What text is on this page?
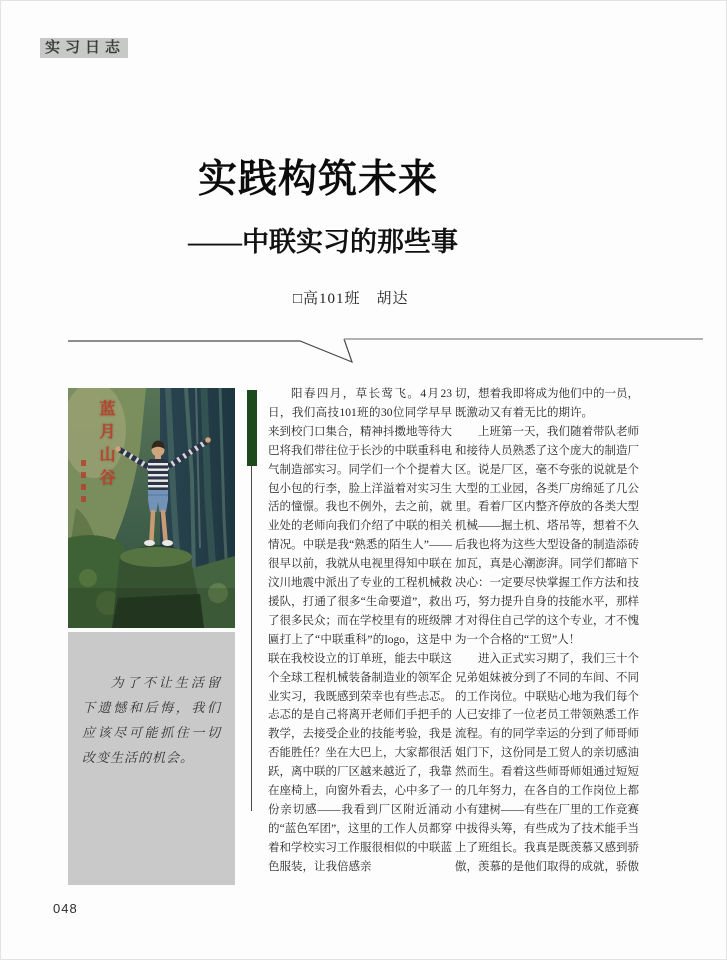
实习日志
实践构筑未来
——中联实习的那些事
□高101班　胡达
蓝月山谷

为了不让生活留下遗憾和后悔，我们应该尽可能抓住一切改变生活的机会。

阳春四月，草长莺飞。4月23日，我们高技101班的30位同学早早来到校门口集合，精神抖擞地等待大巴将我们带往位于长沙的中联重科电气制造部实习。同学们一个个提着大包小包的行李，脸上洋溢着对实习生活的憧憬。我也不例外，去之前，就业处的老师向我们介绍了中联的相关情况。中联是我“熟悉的陌生人”——很早以前，我就从电视里得知中联在汶川地震中派出了专业的工程机械救援队，打通了很多“生命要道”，救出了很多民众；而在学校里有的班级牌匾打上了“中联重科”的logo，这是中联在我校设立的订单班，能去中联这个全球工程机械装备制造业的领军企业实习，我既感到荣幸也有些忐忑。忐忑的是自己将离开老师们手把手的教学，去接受企业的技能考验，我是否能胜任？坐在大巴上，大家都很活跃，离中联的厂区越来越近了，我靠在座椅上，向窗外看去，心中多了一份亲切感——我看到厂区附近涌动的“蓝色军团”，这里的工作人员都穿着和学校实习工作服很相似的中联蓝色服装，让我倍感亲

切，想着我即将成为他们中的一员，既激动又有着无比的期许。

上班第一天，我们随着带队老师和接待人员熟悉了这个庞大的制造厂区。说是厂区，毫不夸张的说就是个大型的工业园，各类厂房绵延了几公里。看着厂区内整齐停放的各类大型机械——掘土机、塔吊等，想着不久后我也将为这些大型设备的制造添砖加瓦，真是心潮澎湃。同学们都暗下决心：一定要尽快掌握工作方法和技巧，努力提升自身的技能水平，那样才对得住自己学的这个专业，才不愧为一个合格的“工贸”人！

进入正式实习期了，我们三十个兄弟姐妹被分到了不同的车间、不同的工作岗位。中联贴心地为我们每个人已安排了一位老员工带领熟悉工作流程。有的同学幸运的分到了师哥师姐门下，这份同是工贸人的亲切感油然而生。看着这些师哥师姐通过短短的几年努力，在各自的工作岗位上都小有建树——有些在厂里的工作竞赛中拔得头筹，有些成为了技术能手当上了班组长。我真是既羡慕又感到骄傲，羡慕的是他们取得的成就，骄傲

048
